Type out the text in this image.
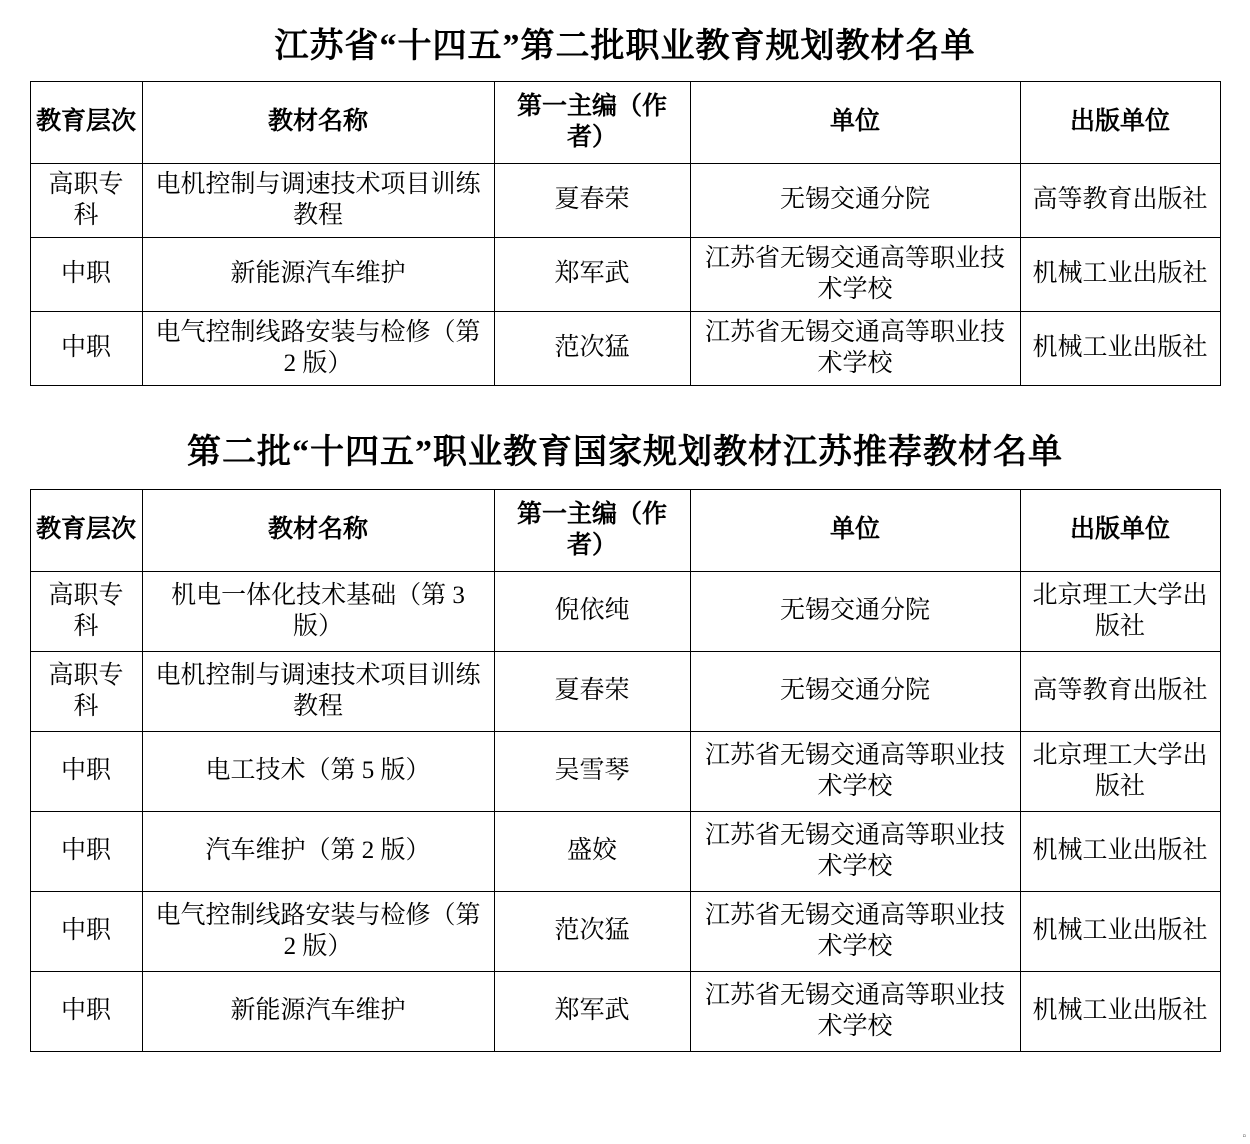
江苏省“十四五”第二批职业教育规划教材名单
教育层次	教材名称	第一主编（作者）	单位	出版单位
高职专科	电机控制与调速技术项目训练教程	夏春荣	无锡交通分院	高等教育出版社
中职	新能源汽车维护	郑军武	江苏省无锡交通高等职业技术学校	机械工业出版社
中职	电气控制线路安装与检修（第 2 版）	范次猛	江苏省无锡交通高等职业技术学校	机械工业出版社
第二批“十四五”职业教育国家规划教材江苏推荐教材名单
教育层次	教材名称	第一主编（作者）	单位	出版单位
高职专科	机电一体化技术基础（第 3 版）	倪依纯	无锡交通分院	北京理工大学出版社
高职专科	电机控制与调速技术项目训练教程	夏春荣	无锡交通分院	高等教育出版社
中职	电工技术（第 5 版）	吴雪琴	江苏省无锡交通高等职业技术学校	北京理工大学出版社
中职	汽车维护（第 2 版）	盛姣	江苏省无锡交通高等职业技术学校	机械工业出版社
中职	电气控制线路安装与检修（第 2 版）	范次猛	江苏省无锡交通高等职业技术学校	机械工业出版社
中职	新能源汽车维护	郑军武	江苏省无锡交通高等职业技术学校	机械工业出版社
▫
